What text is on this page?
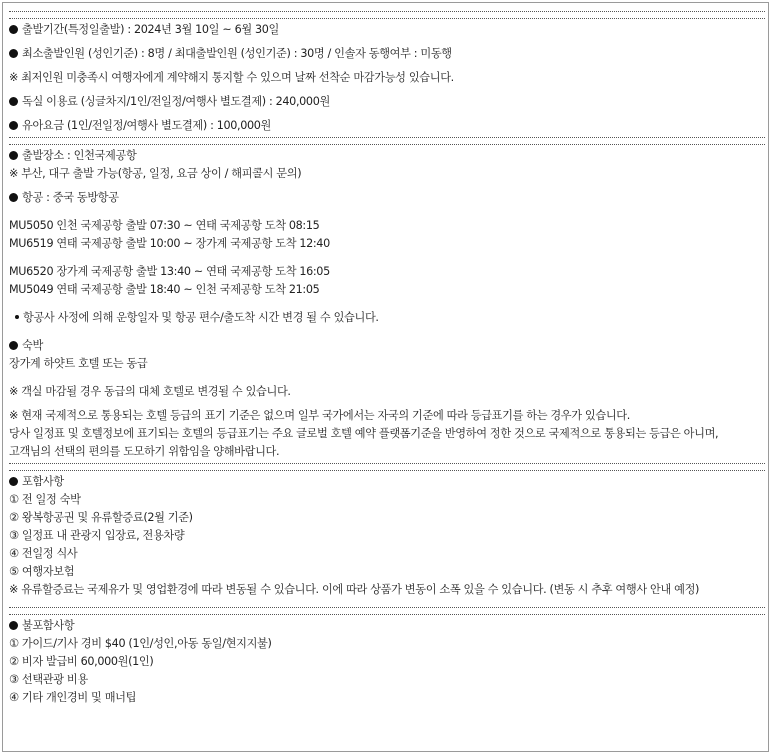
출발기간(특정일출발) : 2024년 3월 10일 ~ 6월 30일
최소출발인원 (성인기준) : 8명 / 최대출발인원 (성인기준) : 30명 / 인솔자 동행여부 : 미동행
※ 최저인원 미충족시 여행자에게 계약해지 통지할 수 있으며 날짜 선착순 마감가능성 있습니다.
독실 이용료 (싱글차지/1인/전일정/여행사 별도결제) : 240,000원
유아요금 (1인/전일정/여행사 별도결제) : 100,000원
출발장소 : 인천국제공항
※ 부산, 대구 출발 가능(항공, 일정, 요금 상이 / 해피콜시 문의)
항공 : 중국 동방항공
MU5050 인천 국제공항 출발 07:30 ~ 연태 국제공항 도착 08:15
MU6519 연태 국제공항 출발 10:00 ~ 장가계 국제공항 도착 12:40
MU6520 장가계 국제공항 출발 13:40 ~ 연태 국제공항 도착 16:05
MU5049 연태 국제공항 출발 18:40 ~ 인천 국제공항 도착 21:05
항공사 사정에 의해 운항일자 및 항공 편수/출도착 시간 변경 될 수 있습니다.
숙박
장가계 하얏트 호텔 또는 동급
※ 객실 마감될 경우 동급의 대체 호텔로 변경될 수 있습니다.
※ 현재 국제적으로 통용되는 호텔 등급의 표기 기준은 없으며 일부 국가에서는 자국의 기준에 따라 등급표기를 하는 경우가 있습니다.
당사 일정표 및 호텔정보에 표기되는 호텔의 등급표기는 주요 글로벌 호텔 예약 플랫폼기준을 반영하여 정한 것으로 국제적으로 통용되는 등급은 아니며,
고객님의 선택의 편의를 도모하기 위함임을 양해바랍니다.
포함사항
① 전 일정 숙박
② 왕복항공권 및 유류할증료(2월 기준)
③ 일정표 내 관광지 입장료, 전용차량
④ 전일정 식사
⑤ 여행자보험
※ 유류할증료는 국제유가 및 영업환경에 따라 변동될 수 있습니다. 이에 따라 상품가 변동이 소폭 있을 수 있습니다. (변동 시 추후 여행사 안내 예정)
불포함사항
① 가이드/기사 경비 $40 (1인/성인,아동 동일/현지지불)
② 비자 발급비 60,000원(1인)
③ 선택관광 비용
④ 기타 개인경비 및 매너팁
